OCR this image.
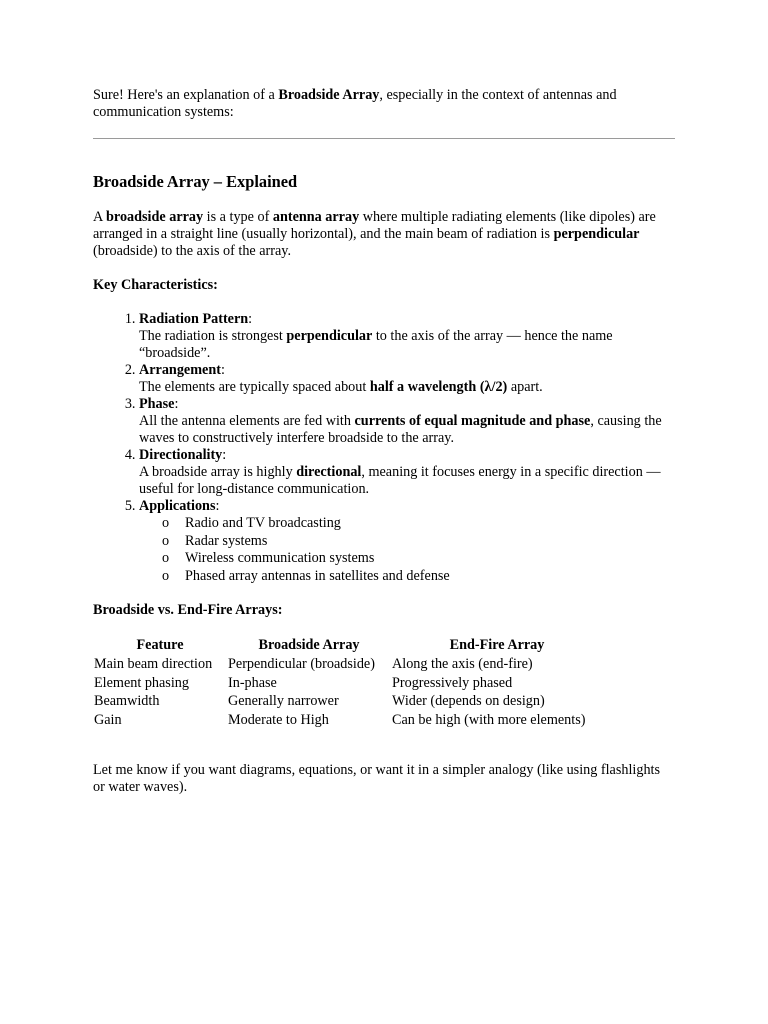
Sure! Here's an explanation of a Broadside Array, especially in the context of antennas and communication systems:

Broadside Array – Explained

A broadside array is a type of antenna array where multiple radiating elements (like dipoles) are arranged in a straight line (usually horizontal), and the main beam of radiation is perpendicular (broadside) to the axis of the array.

Key Characteristics:
1. Radiation Pattern:
The radiation is strongest perpendicular to the axis of the array — hence the name “broadside”.
2. Arrangement:
The elements are typically spaced about half a wavelength (λ/2) apart.
3. Phase:
All the antenna elements are fed with currents of equal magnitude and phase, causing the waves to constructively interfere broadside to the array.
4. Directionality:
A broadside array is highly directional, meaning it focuses energy in a specific direction — useful for long-distance communication.
5. Applications:
o Radio and TV broadcasting
o Radar systems
o Wireless communication systems
o Phased array antennas in satellites and defense
Broadside vs. End-Fire Arrays:
Feature	Broadside Array	End-Fire Array
Main beam direction	Perpendicular (broadside)	Along the axis (end-fire)
Element phasing	In-phase	Progressively phased
Beamwidth	Generally narrower	Wider (depends on design)
Gain	Moderate to High	Can be high (with more elements)

Let me know if you want diagrams, equations, or want it in a simpler analogy (like using flashlights or water waves).
